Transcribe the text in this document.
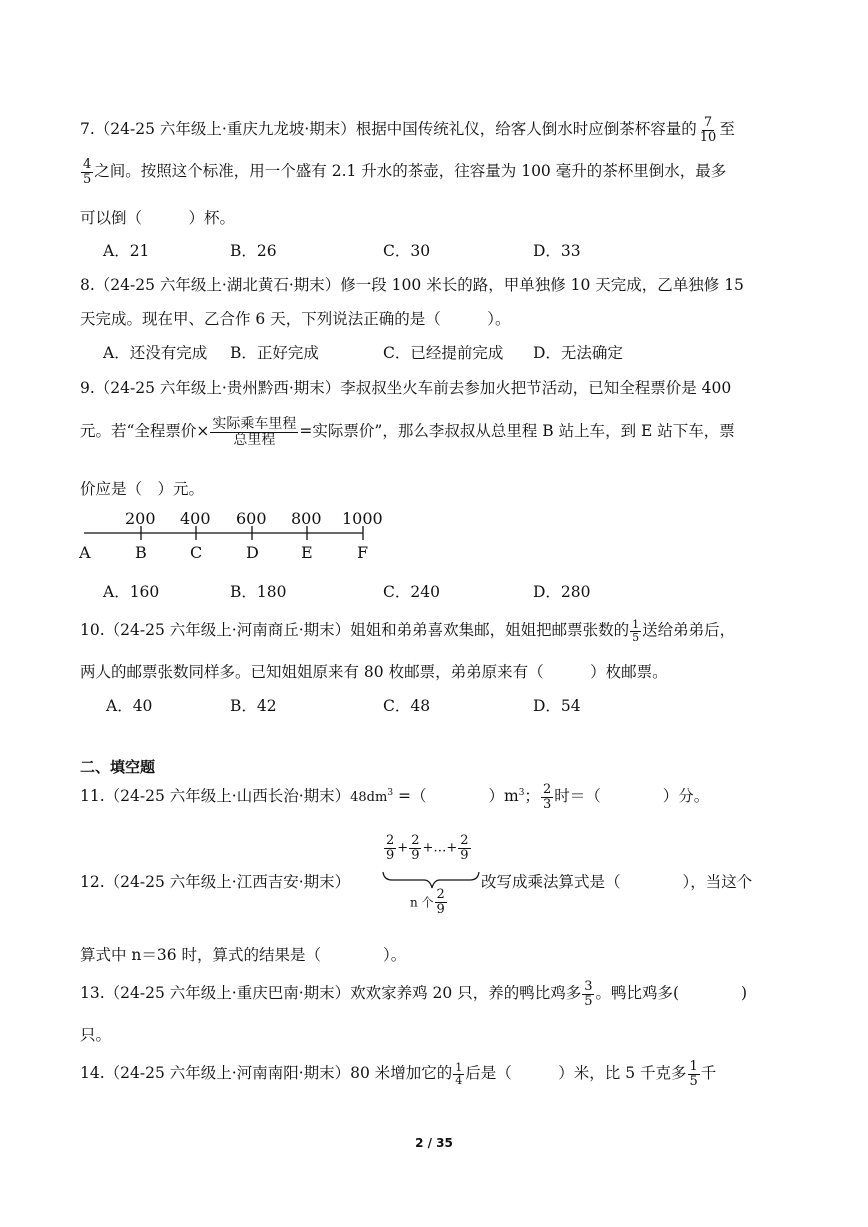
7.（24-25 六年级上·重庆九龙坡·期末）根据中国传统礼仪，给客人倒水时应倒茶杯容量的 $\frac{7}{10}$ 至
$\frac{4}{5}$ 之间。按照这个标准，用一个盛有 2.1 升水的茶壶，往容量为 100 毫升的茶杯里倒水，最多
可以倒（　　　）杯。
A．21	B．26	C．30	D．33
8.（24-25 六年级上·湖北黄石·期末）修一段 100 米长的路，甲单独修 10 天完成，乙单独修 15
天完成。现在甲、乙合作 6 天，下列说法正确的是（　　　）。
A．还没有完成 B．正好完成	C．已经提前完成 D．无法确定
9.（24-25 六年级上·贵州黔西·期末）李叔叔坐火车前去参加火把节活动，已知全程票价是 400
元。若“全程票价× $\frac{\text{实际乘车里程}}{\text{总里程}}$ =实际票价”，那么李叔叔从总里程 B 站上车，到 E 站下车，票
价应是（　）元。
200 400 600 800 1000
A	B	C	D	E	F
A．160	B．180	C．240	D．280
10.（24-25 六年级上·河南商丘·期末）姐姐和弟弟喜欢集邮，姐姐把邮票张数的 $\frac{1}{5}$ 送给弟弟后，
两人的邮票张数同样多。已知姐姐原来有 80 枚邮票，弟弟原来有（　　　）枚邮票。
A．40	B．42	C．48	D．54
二、填空题
11.（24-25 六年级上·山西长治·期末）$48dm^3$ =（　　　　）$m^3$； $\frac{2}{3}$ 时＝（　　　　）分。
12.（24-25 六年级上·江西吉安·期末）
$\frac{2}{9} + \frac{2}{9}$ +…+ $\frac{2}{9}$
n 个 $\frac{2}{9}$
改写成乘法算式是（　　　　），当这个
算式中 n＝36 时，算式的结果是（　　　　）。
13.（24-25 六年级上·重庆巴南·期末）欢欢家养鸡 20 只，养的鸭比鸡多 $\frac{3}{5}$ 。鸭比鸡多(　　　　)
只。
14.（24-25 六年级上·河南南阳·期末）80 米增加它的 $\frac{1}{4}$ 后是（　　　）米，比 5 千克多 $\frac{1}{5}$ 千
2 / 35
